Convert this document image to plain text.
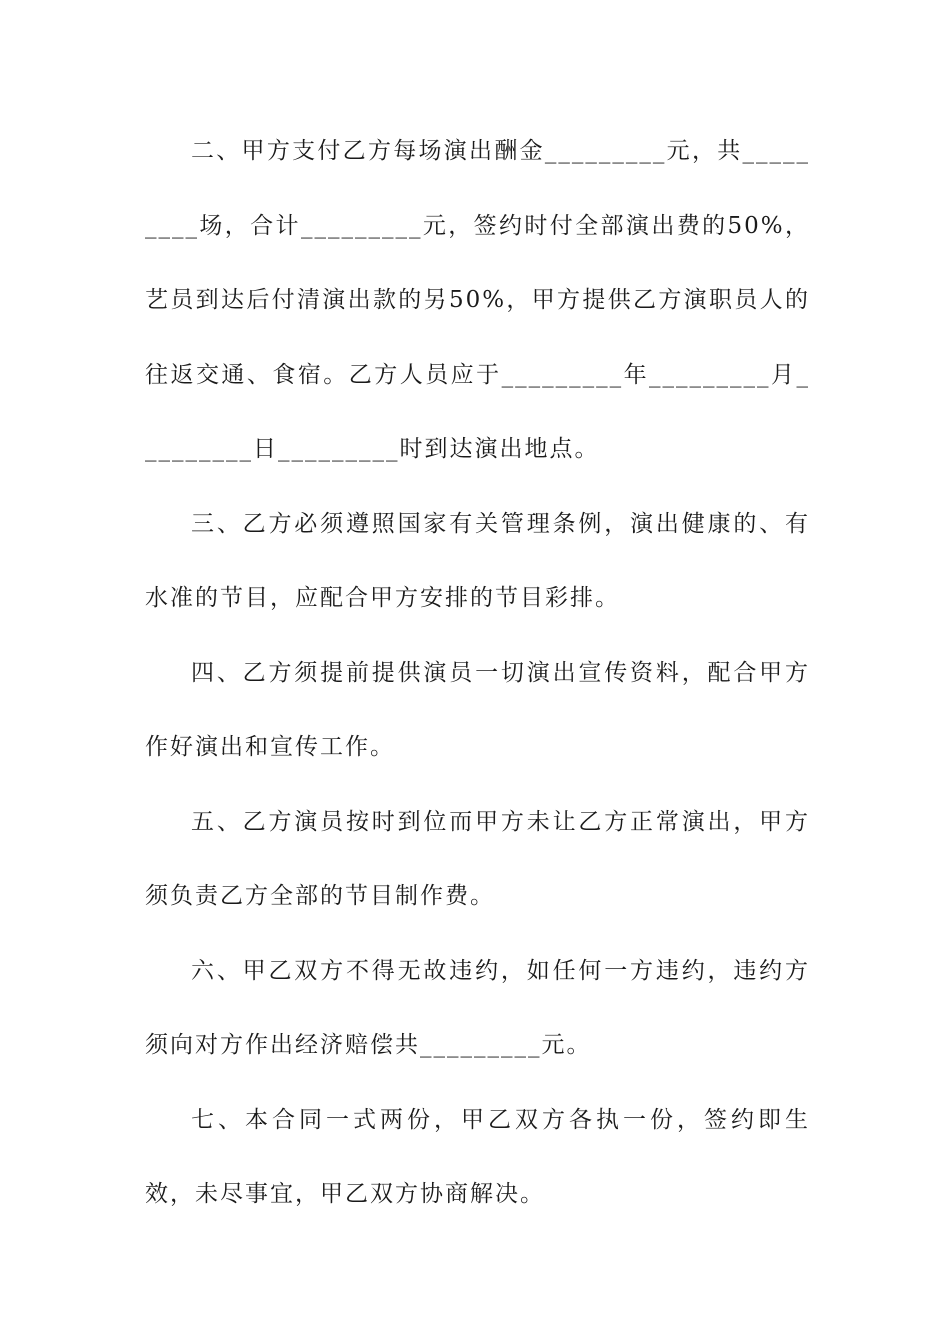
二、甲方支付乙方每场演出酬金_________元，共_________场，合计_________元，签约时付全部演出费的50%，艺员到达后付清演出款的另50%，甲方提供乙方演职员人的往返交通、食宿。乙方人员应于_________年_________月_________日_________时到达演出地点。

三、乙方必须遵照国家有关管理条例，演出健康的、有水准的节目，应配合甲方安排的节目彩排。

四、乙方须提前提供演员一切演出宣传资料，配合甲方作好演出和宣传工作。

五、乙方演员按时到位而甲方未让乙方正常演出，甲方须负责乙方全部的节目制作费。

六、甲乙双方不得无故违约，如任何一方违约，违约方须向对方作出经济赔偿共_________元。

七、本合同一式两份，甲乙双方各执一份，签约即生效，未尽事宜，甲乙双方协商解决。
